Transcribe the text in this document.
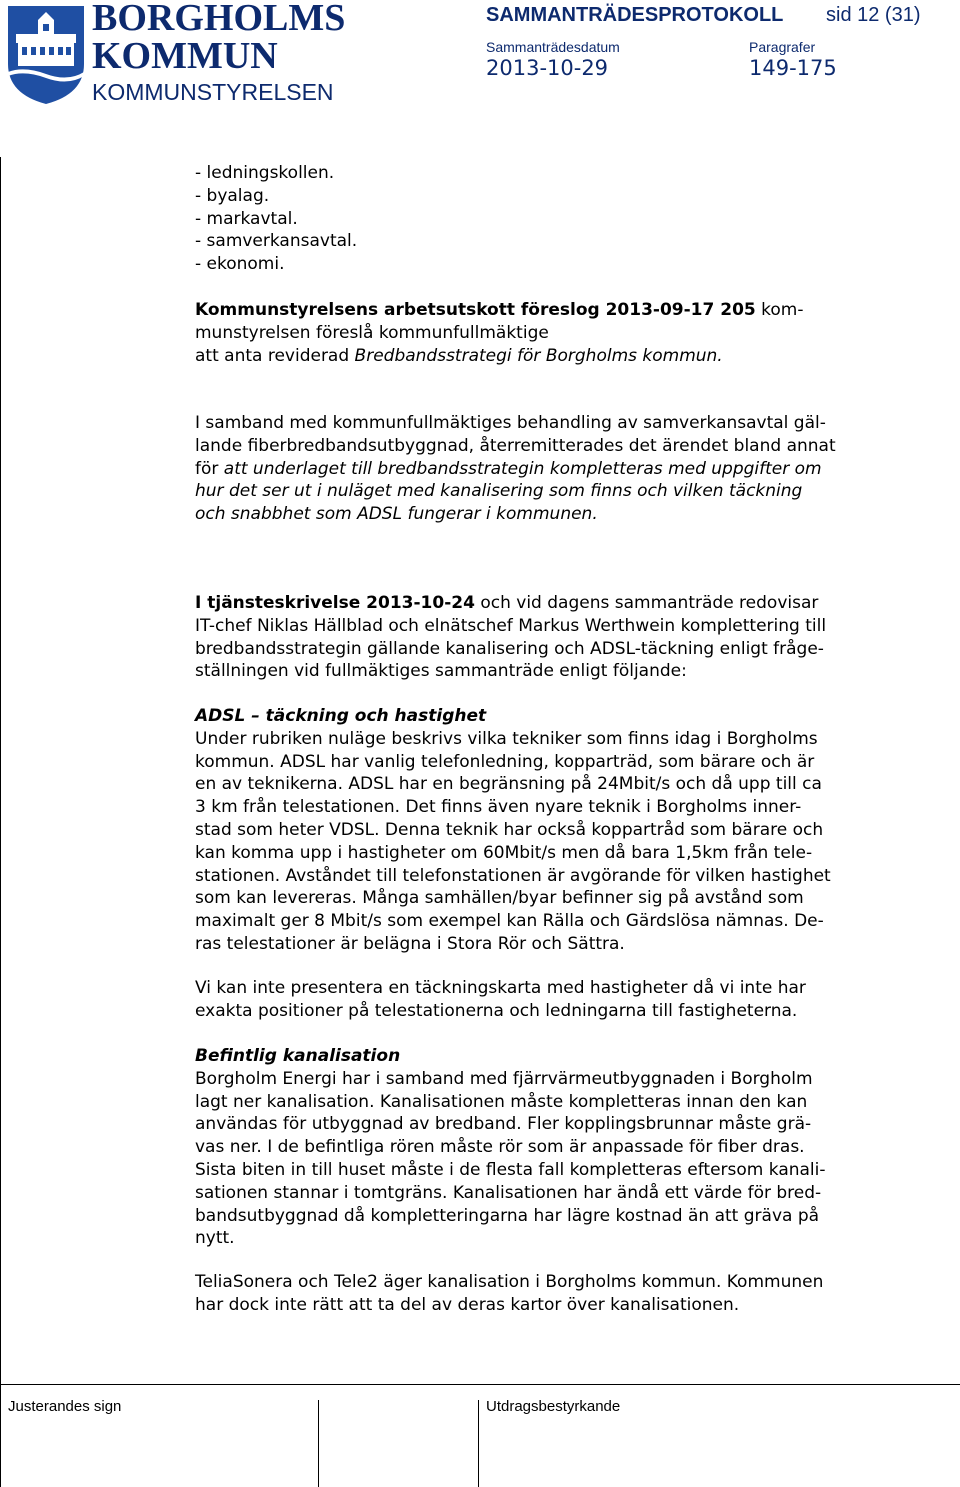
BORGHOLMS
KOMMUN
KOMMUNSTYRELSEN
SAMMANTRÄDESPROTOKOLL sid 12 (31)
Sammanträdesdatum
2013-10-29
Paragrafer
149-175

- ledningskollen.

- byalag.

- markavtal.

- samverkansavtal.

- ekonomi.

Kommunstyrelsens arbetsutskott föreslog 2013-09-17 205 kom-

munstyrelsen föreslå kommunfullmäktige

att anta reviderad Bredbandsstrategi för Borgholms kommun.

I samband med kommunfullmäktiges behandling av samverkansavtal gäl-

lande fiberbredbandsutbyggnad, återremitterades det ärendet bland annat

för att underlaget till bredbandsstrategin kompletteras med uppgifter om

hur det ser ut i nuläget med kanalisering som finns och vilken täckning

och snabbhet som ADSL fungerar i kommunen.

I tjänsteskrivelse 2013-10-24 och vid dagens sammanträde redovisar

IT-chef Niklas Hällblad och elnätschef Markus Werthwein komplettering till

bredbandsstrategin gällande kanalisering och ADSL-täckning enligt fråge-

ställningen vid fullmäktiges sammanträde enligt följande:

ADSL – täckning och hastighet

Under rubriken nuläge beskrivs vilka tekniker som finns idag i Borgholms

kommun. ADSL har vanlig telefonledning, kopparträd, som bärare och är

en av teknikerna. ADSL har en begränsning på 24Mbit/s och då upp till ca

3 km från telestationen. Det finns även nyare teknik i Borgholms inner-

stad som heter VDSL. Denna teknik har också koppartråd som bärare och

kan komma upp i hastigheter om 60Mbit/s men då bara 1,5km från tele-

stationen. Avståndet till telefonstationen är avgörande för vilken hastighet

som kan levereras. Många samhällen/byar befinner sig på avstånd som

maximalt ger 8 Mbit/s som exempel kan Rälla och Gärdslösa nämnas. De-

ras telestationer är belägna i Stora Rör och Sättra.

Vi kan inte presentera en täckningskarta med hastigheter då vi inte har

exakta positioner på telestationerna och ledningarna till fastigheterna.

Befintlig kanalisation

Borgholm Energi har i samband med fjärrvärmeutbyggnaden i Borgholm

lagt ner kanalisation. Kanalisationen måste kompletteras innan den kan

användas för utbyggnad av bredband. Fler kopplingsbrunnar måste grä-

vas ner. I de befintliga rören måste rör som är anpassade för fiber dras.

Sista biten in till huset måste i de flesta fall kompletteras eftersom kanali-

sationen stannar i tomtgräns. Kanalisationen har ändå ett värde för bred-

bandsutbyggnad då kompletteringarna har lägre kostnad än att gräva på

nytt.

TeliaSonera och Tele2 äger kanalisation i Borgholms kommun. Kommunen

har dock inte rätt att ta del av deras kartor över kanalisationen.

Justerandes sign	Utdragsbestyrkande
